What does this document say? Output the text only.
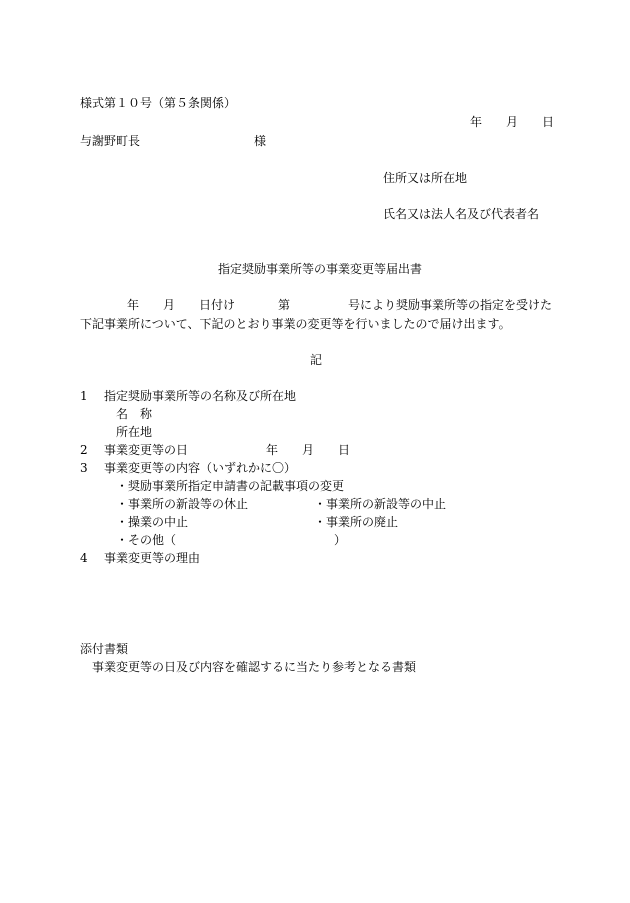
様式第１０号（第５条関係）

年　　月　　日

与謝野町長	様

住所又は所在地

氏名又は法人名及び代表者名

指定奨励事業所等の事業変更等届出書

年 月 日付け	第	号により奨励事業所等の指定を受けた

下記事業所について、下記のとおり事業の変更等を行いましたので届け出ます。

記

1 指定奨励事業所等の名称及び所在地

名　称

所在地

2 事業変更等の日	年 月 日

3 事業変更等の内容（いずれかに〇）

・奨励事業所指定申請書の記載事項の変更

・事業所の新設等の休止	・事業所の新設等の中止

・操業の中止	・事業所の廃止

・その他（	）

4 事業変更等の理由

添付書類

事業変更等の日及び内容を確認するに当たり参考となる書類
